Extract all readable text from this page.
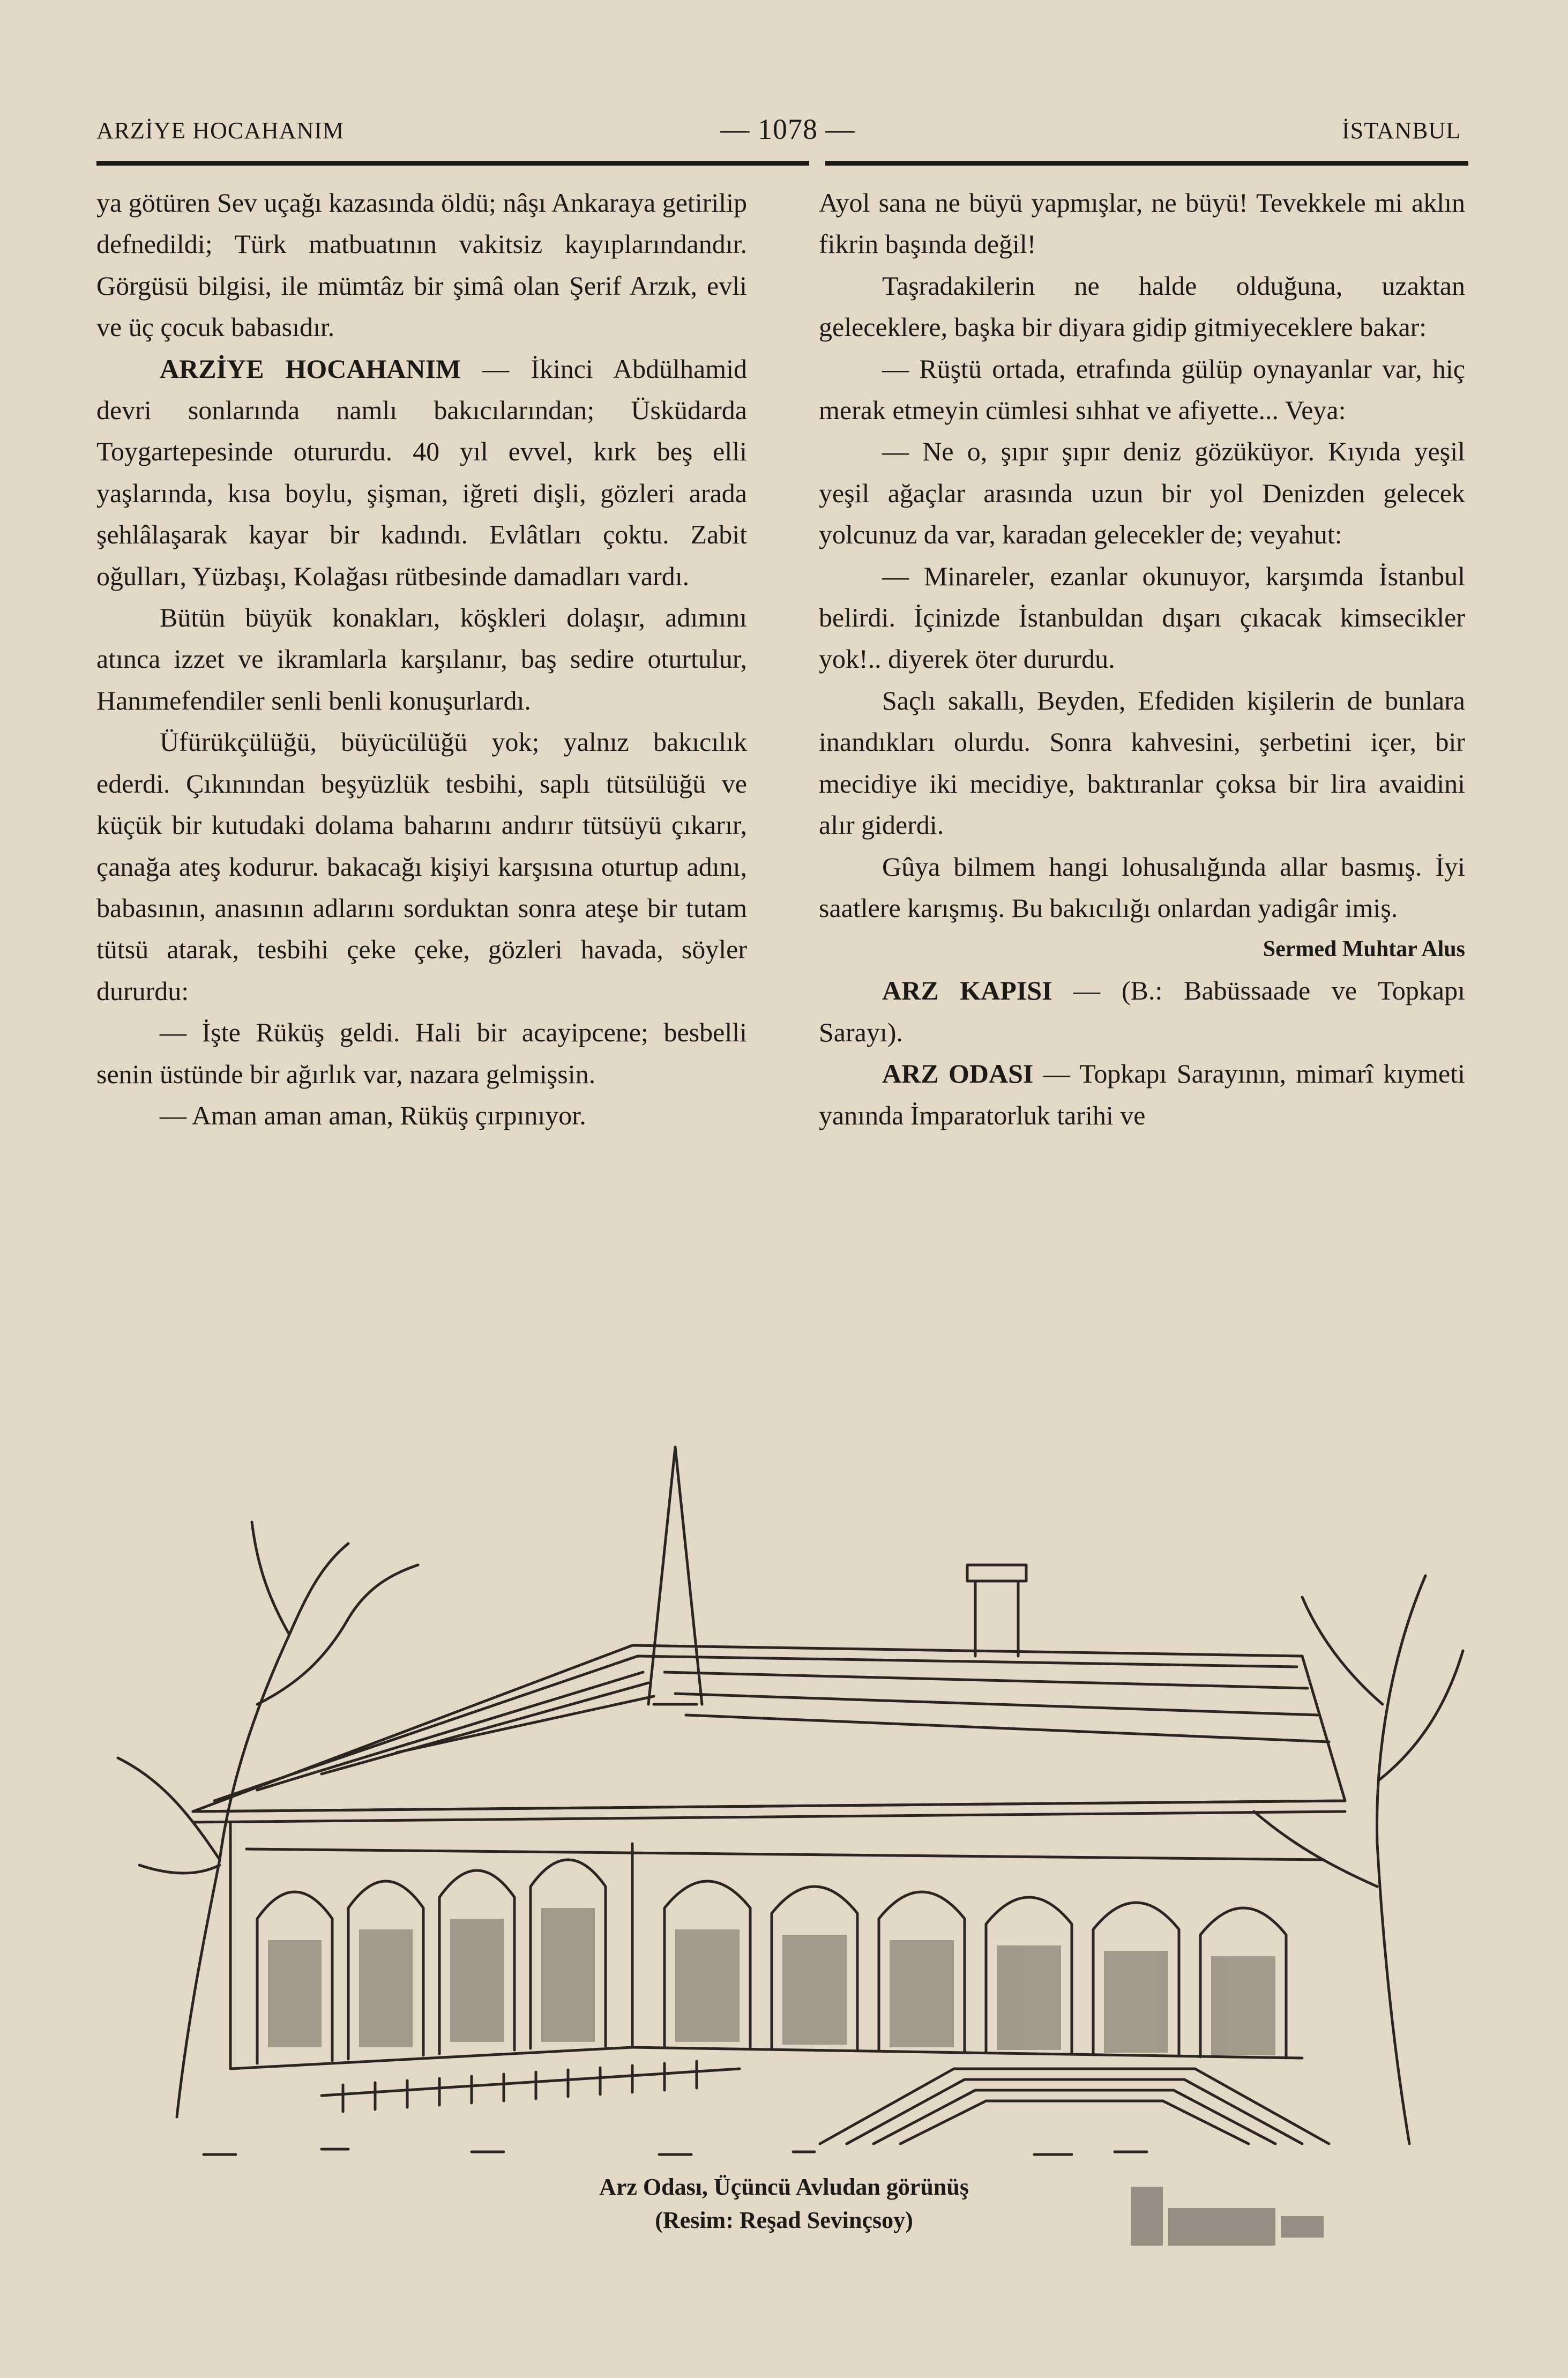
ARZİYE HOCAHANIM	— 1078 —	İSTANBUL

ya götüren Sev uçağı kazasında öldü; nâşı Ankaraya getirilip defnedildi; Türk matbuatının vakitsiz kayıplarındandır. Görgüsü bilgisi, ile mümtâz bir şimâ olan Şerif Arzık, evli ve üç çocuk babasıdır.

ARZİYE HOCAHANIM — İkinci Abdülhamid devri sonlarında namlı bakıcılarından; Üsküdarda Toygartepesinde otururdu. 40 yıl evvel, kırk beş elli yaşlarında, kısa boylu, şişman, iğreti dişli, gözleri arada şehlâlaşarak kayar bir kadındı. Evlâtları çoktu. Zabit oğulları, Yüzbaşı, Kolağası rütbesinde damadları vardı.

Bütün büyük konakları, köşkleri dolaşır, adımını atınca izzet ve ikramlarla karşılanır, baş sedire oturtulur, Hanımefendiler senli benli konuşurlardı.

Üfürükçülüğü, büyücülüğü yok; yalnız bakıcılık ederdi. Çıkınından beşyüzlük tesbihi, saplı tütsülüğü ve küçük bir kutudaki dolama baharını andırır tütsüyü çıkarır, çanağa ateş kodurur. bakacağı kişiyi karşısına oturtup adını, babasının, anasının adlarını sorduktan sonra ateşe bir tutam tütsü atarak, tesbihi çeke çeke, gözleri havada, söyler dururdu:

— İşte Rüküş geldi. Hali bir acayipcene; besbelli senin üstünde bir ağırlık var, nazara gelmişsin.

— Aman aman aman, Rüküş çırpınıyor.

Ayol sana ne büyü yapmışlar, ne büyü! Tevekkele mi aklın fikrin başında değil!

Taşradakilerin ne halde olduğuna, uzaktan geleceklere, başka bir diyara gidip gitmiyeceklere bakar:

— Rüştü ortada, etrafında gülüp oynayanlar var, hiç merak etmeyin cümlesi sıhhat ve afiyette... Veya:

— Ne o, şıpır şıpır deniz gözüküyor. Kıyıda yeşil yeşil ağaçlar arasında uzun bir yol Denizden gelecek yolcunuz da var, karadan gelecekler de; veyahut:

— Minareler, ezanlar okunuyor, karşımda İstanbul belirdi. İçinizde İstanbuldan dışarı çıkacak kimsecikler yok!.. diyerek öter dururdu.

Saçlı sakallı, Beyden, Efediden kişilerin de bunlara inandıkları olurdu. Sonra kahvesini, şerbetini içer, bir mecidiye iki mecidiye, baktıranlar çoksa bir lira avaidini alır giderdi.

Gûya bilmem hangi lohusalığında allar basmış. İyi saatlere karışmış. Bu bakıcılığı onlardan yadigâr imiş.

Sermed Muhtar Alus

ARZ KAPISI — (B.: Babüssaade ve Topkapı Sarayı).

ARZ ODASI — Topkapı Sarayının, mimarî kıymeti yanında İmparatorluk tarihi ve

Arz Odası, Üçüncü Avludan görünüş
(Resim: Reşad Sevinçsoy)
